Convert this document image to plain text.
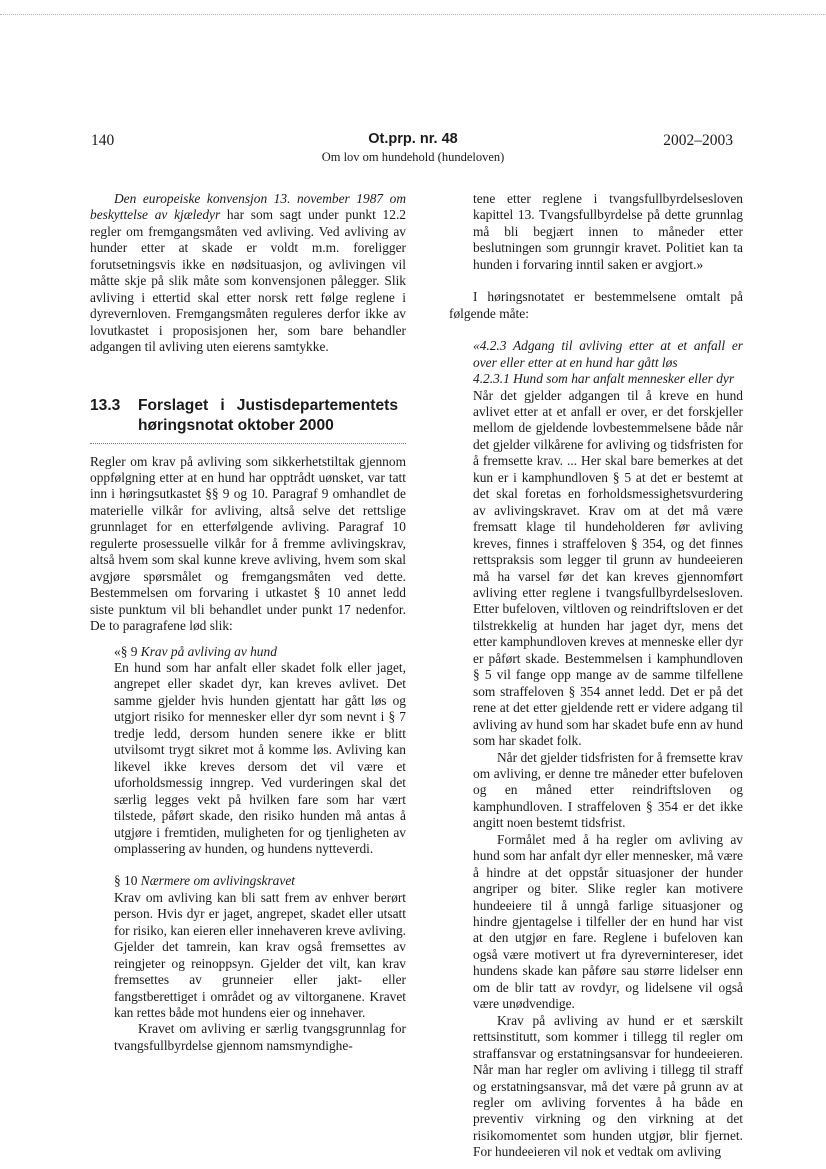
140	Ot.prp. nr. 48
Om lov om hundehold (hundeloven)
2002–2003

Den europeiske konvensjon 13. november 1987 om beskyttelse av kjæledyr har som sagt under punkt 12.2 regler om fremgangsmåten ved avliving. Ved avliving av hunder etter at skade er voldt m.m. foreligger forutsetningsvis ikke en nødsituasjon, og avlivingen vil måtte skje på slik måte som konvensjonen pålegger. Slik avliving i ettertid skal etter norsk rett følge reglene i dyrevernloven. Fremgangsmåten reguleres derfor ikke av lovutkastet i proposisjonen her, som bare behandler adgangen til avliving uten eierens samtykke.

13.3 Forslaget i Justisdepartementets høringsnotat oktober 2000

Regler om krav på avliving som sikkerhetstiltak gjennom oppfølgning etter at en hund har opptrådt uønsket, var tatt inn i høringsutkastet §§ 9 og 10. Paragraf 9 omhandlet de materielle vilkår for avliving, altså selve det rettslige grunnlaget for en etterfølgende avliving. Paragraf 10 regulerte prosessuelle vilkår for å fremme avlivingskrav, altså hvem som skal kunne kreve avliving, hvem som skal avgjøre spørsmålet og fremgangsmåten ved dette. Bestemmelsen om forvaring i utkastet § 10 annet ledd siste punktum vil bli behandlet under punkt 17 nedenfor. De to paragrafene lød slik:

«§ 9 Krav på avliving av hund

En hund som har anfalt eller skadet folk eller jaget, angrepet eller skadet dyr, kan kreves avlivet. Det samme gjelder hvis hunden gjentatt har gått løs og utgjort risiko for mennesker eller dyr som nevnt i § 7 tredje ledd, dersom hunden senere ikke er blitt utvilsomt trygt sikret mot å komme løs. Avliving kan likevel ikke kreves dersom det vil være et uforholdsmessig inngrep. Ved vurderingen skal det særlig legges vekt på hvilken fare som har vært tilstede, påført skade, den risiko hunden må antas å utgjøre i fremtiden, muligheten for og tjenligheten av omplassering av hunden, og hundens nytteverdi.

§ 10 Nærmere om avlivingskravet

Krav om avliving kan bli satt frem av enhver berørt person. Hvis dyr er jaget, angrepet, skadet eller utsatt for risiko, kan eieren eller innehaveren kreve avliving. Gjelder det tamrein, kan krav også fremsettes av reingjeter og reinoppsyn. Gjelder det vilt, kan krav fremsettes av grunneier eller jakt- eller fangstberettiget i området og av viltorganene. Kravet kan rettes både mot hundens eier og innehaver.

Kravet om avliving er særlig tvangsgrunnlag for tvangsfullbyrdelse gjennom namsmyndighe-

tene etter reglene i tvangsfullbyrdelsesloven kapittel 13. Tvangsfullbyrdelse på dette grunnlag må bli begjært innen to måneder etter beslutningen som grunngir kravet. Politiet kan ta hunden i forvaring inntil saken er avgjort.»

I høringsnotatet er bestemmelsene omtalt på følgende måte:

«4.2.3 Adgang til avliving etter at et anfall er over eller etter at en hund har gått løs

4.2.3.1 Hund som har anfalt mennesker eller dyr

Når det gjelder adgangen til å kreve en hund avlivet etter at et anfall er over, er det forskjeller mellom de gjeldende lovbestemmelsene både når det gjelder vilkårene for avliving og tidsfristen for å fremsette krav. ... Her skal bare bemerkes at det kun er i kamphundloven § 5 at det er bestemt at det skal foretas en forholdsmessighetsvurdering av avlivingskravet. Krav om at det må være fremsatt klage til hundeholderen før avliving kreves, finnes i straffeloven § 354, og det finnes rettspraksis som legger til grunn av hundeeieren må ha varsel før det kan kreves gjennomført avliving etter reglene i tvangsfullbyrdelsesloven. Etter bufeloven, viltloven og reindriftsloven er det tilstrekkelig at hunden har jaget dyr, mens det etter kamphundloven kreves at menneske eller dyr er påført skade. Bestemmelsen i kamphundloven § 5 vil fange opp mange av de samme tilfellene som straffeloven § 354 annet ledd. Det er på det rene at det etter gjeldende rett er videre adgang til avliving av hund som har skadet bufe enn av hund som har skadet folk.

Når det gjelder tidsfristen for å fremsette krav om avliving, er denne tre måneder etter bufeloven og en måned etter reindriftsloven og kamphundloven. I straffeloven § 354 er det ikke angitt noen bestemt tidsfrist.

Formålet med å ha regler om avliving av hund som har anfalt dyr eller mennesker, må være å hindre at det oppstår situasjoner der hunder angriper og biter. Slike regler kan motivere hundeeiere til å unngå farlige situasjoner og hindre gjentagelse i tilfeller der en hund har vist at den utgjør en fare. Reglene i bufeloven kan også være motivert ut fra dyrevernintereser, idet hundens skade kan påføre sau større lidelser enn om de blir tatt av rovdyr, og lidelsene vil også være unødvendige.

Krav på avliving av hund er et særskilt rettsinstitutt, som kommer i tillegg til regler om straffansvar og erstatningsansvar for hundeeieren. Når man har regler om avliving i tillegg til straff og erstatningsansvar, må det være på grunn av at regler om avliving forventes å ha både en preventiv virkning og den virkning at det risikomomentet som hunden utgjør, blir fjernet. For hundeeieren vil nok et vedtak om avliving
